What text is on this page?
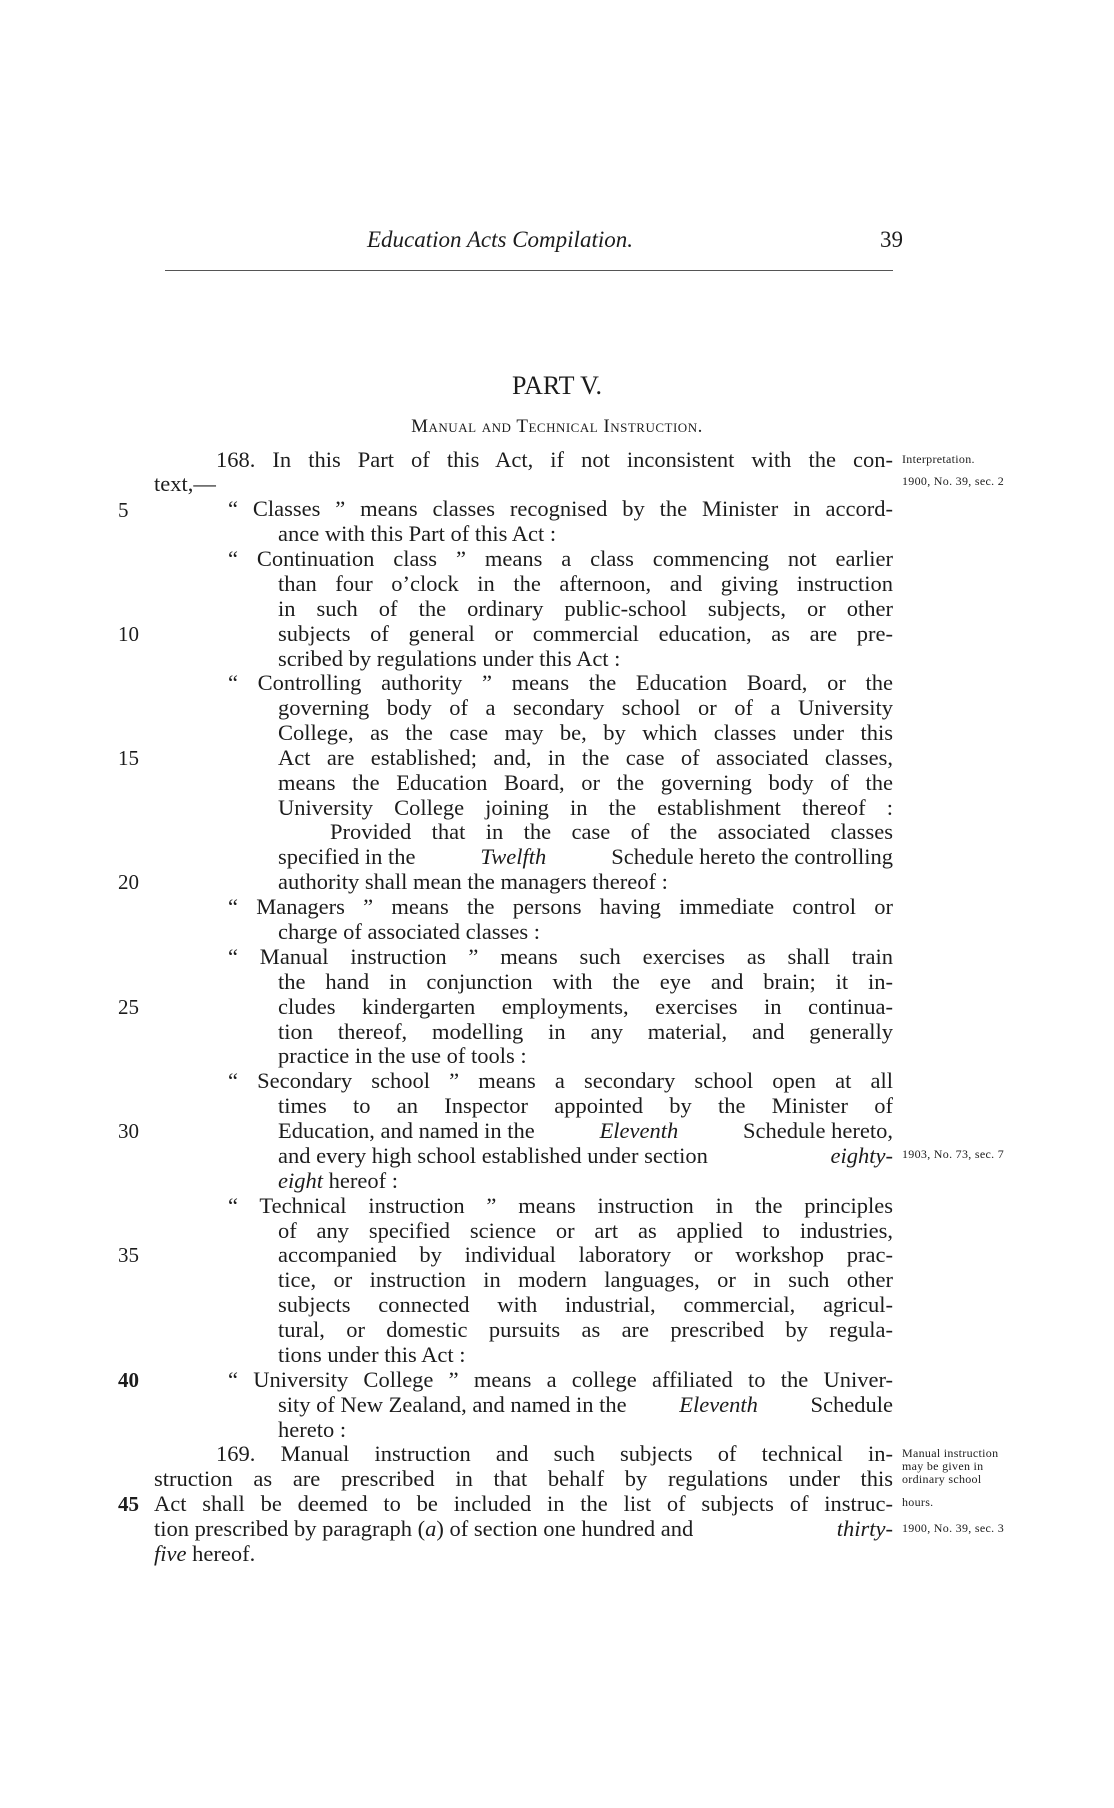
Education Acts Compilation.	39
PART V.
Manual and Technical Instruction.
168. In this Part of this Act, if not inconsistent with the con-
text,—
“ Classes ” means classes recognised by the Minister in accord-
ance with this Part of this Act :
“ Continuation class ” means a class commencing not earlier
than four o’clock in the afternoon, and giving instruction
in such of the ordinary public-school subjects, or other
subjects of general or commercial education, as are pre-
scribed by regulations under this Act :
“ Controlling authority ” means the Education Board, or the
governing body of a secondary school or of a University
College, as the case may be, by which classes under this
Act are established; and, in the case of associated classes,
means the Education Board, or the governing body of the
University College joining in the establishment thereof :
Provided that in the case of the associated classes
specified in the	Twelfth	Schedule hereto the controlling
authority shall mean the managers thereof :
“ Managers ” means the persons having immediate control or
charge of associated classes :
“ Manual instruction ” means such exercises as shall train
the hand in conjunction with the eye and brain; it in-
cludes kindergarten employments, exercises in continua-
tion thereof, modelling in any material, and generally
practice in the use of tools :
“ Secondary school ” means a secondary school open at all
times to an Inspector appointed by the Minister of
Education, and named in the	Eleventh	Schedule hereto,
and every high school established under section	eighty-
eight hereof :
“ Technical instruction ” means instruction in the principles
of any specified science or art as applied to industries,
accompanied by individual laboratory or workshop prac-
tice, or instruction in modern languages, or in such other
subjects connected with industrial, commercial, agricul-
tural, or domestic pursuits as are prescribed by regula-
tions under this Act :
“ University College ” means a college affiliated to the Univer-
sity of New Zealand, and named in the Eleventh Schedule
hereto :
169. Manual instruction and such subjects of technical in-
struction as are prescribed in that behalf by regulations under this
Act shall be deemed to be included in the list of subjects of instruc-
tion prescribed by paragraph (a) of section one hundred and	thirty-
five hereof.
5
10
15
20
25
30
35
40
45
Interpretation.
1900, No. 39, sec. 2
1903, No. 73, sec. 7
Manual instruction
may be given in
ordinary school
hours.
1900, No. 39, sec. 3
